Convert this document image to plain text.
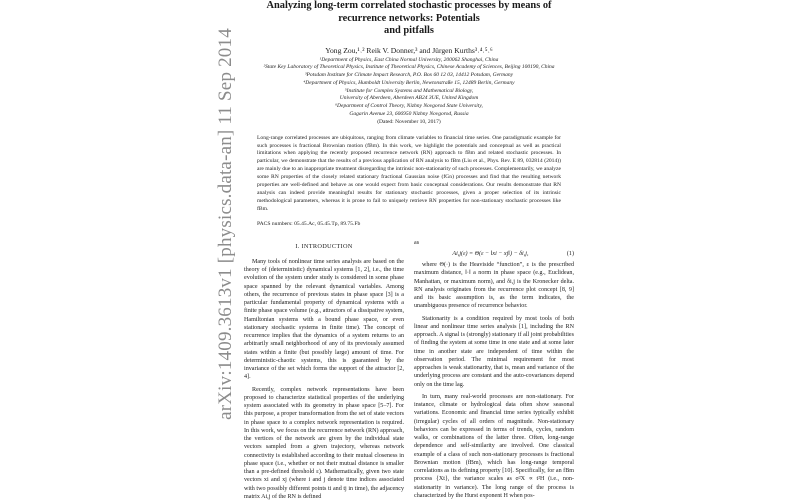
arXiv:1409.3613v1 [physics.data-an] 11 Sep 2014
Analyzing long-term correlated stochastic processes by means of recurrence networks: Potentials
and pitfalls
Yong Zou,¹˒² Reik V. Donner,³ and Jürgen Kurths³˒⁴˒⁵˒⁶
¹Department of Physics, East China Normal University, 200062 Shanghai, China
²State Key Laboratory of Theoretical Physics, Institute of Theoretical Physics, Chinese Academy of Sciences, Beijing 100190, China
³Potsdam Institute for Climate Impact Research, P.O. Box 60 12 03, 14412 Potsdam, Germany
⁴Department of Physics, Humboldt University Berlin, Newtonstraße 15, 12489 Berlin, Germany
⁵Institute for Complex Systems and Mathematical Biology,
University of Aberdeen, Aberdeen AB24 3UE, United Kingdom
⁶Department of Control Theory, Nizhny Novgorod State University,
Gagarin Avenue 23, 606950 Nizhny Novgorod, Russia
(Dated: November 10, 2017)
Long-range correlated processes are ubiquitous, ranging from climate variables to financial time series. One paradigmatic example for such processes is fractional Brownian motion (fBm). In this work, we highlight the potentials and conceptual as well as practical limitations when applying the recently proposed recurrence network (RN) approach to fBm and related stochastic processes. In particular, we demonstrate that the results of a previous application of RN analysis to fBm (Liu et al., Phys. Rev. E 89, 032814 (2014)) are mainly due to an inappropriate treatment disregarding the intrinsic non-stationarity of such processes. Complementarily, we analyze some RN properties of the closely related stationary fractional Gaussian noise (fGn) processes and find that the resulting network properties are well-defined and behave as one would expect from basic conceptual considerations. Our results demonstrate that RN analysis can indeed provide meaningful results for stationary stochastic processes, given a proper selection of its intrinsic methodological parameters, whereas it is prone to fail to uniquely retrieve RN properties for non-stationary stochastic processes like fBm.
PACS numbers: 05.45.Ac, 05.45.Tp, 89.75.Fb
I. INTRODUCTION

Many tools of nonlinear time series analysis are based on the theory of (deterministic) dynamical systems [1, 2], i.e., the time evolution of the system under study is considered in some phase space spanned by the relevant dynamical variables. Among others, the recurrence of previous states in phase space [3] is a particular fundamental property of dynamical systems with a finite phase space volume (e.g., attractors of a dissipative system, Hamiltonian systems with a bound phase space, or even stationary stochastic systems in finite time). The concept of recurrence implies that the dynamics of a system returns to an arbitrarily small neighborhood of any of its previously assumed states within a finite (but possibly large) amount of time. For deterministic-chaotic systems, this is guaranteed by the invariance of the set which forms the support of the attractor [2, 4].

Recently, complex network representations have been proposed to characterize statistical properties of the underlying system associated with its geometry in phase space [5–7]. For this purpose, a proper transformation from the set of state vectors in phase space to a complex network representation is required. In this work, we focus on the recurrence network (RN) approach, the vertices of the network are given by the individual state vectors sampled from a given trajectory, whereas network connectivity is established according to their mutual closeness in phase space (i.e., whether or not their mutual distance is smaller than a pre-defined threshold ε). Mathematically, given two state vectors xi and xj (where i and j denote time indices associated with two possibly different points ti and tj in time), the adjacency matrix Ai,j of the RN is defined

as
Ai,j(ε) = Θ(ε − ‖xi − xj‖) − δi,j,	(1)

where Θ(·) is the Heaviside “function”, ε is the prescribed maximum distance, ‖·‖ a norm in phase space (e.g., Euclidean, Manhattan, or maximum norm), and δi,j is the Kronecker delta. RN analysis originates from the recurrence plot concept [8, 9] and its basic assumption is, as the term indicates, the unambiguous presence of recurrence behavior.

Stationarity is a condition required by most tools of both linear and nonlinear time series analysis [1], including the RN approach. A signal is (strongly) stationary if all joint probabilities of finding the system at some time in one state and at some later time in another state are independent of time within the observation period. The minimal requirement for most approaches is weak stationarity, that is, mean and variance of the underlying process are constant and the auto-covariances depend only on the time lag.

In turn, many real-world processes are non-stationary. For instance, climate or hydrological data often show seasonal variations. Economic and financial time series typically exhibit (irregular) cycles of all orders of magnitude. Non-stationary behaviors can be expressed in terms of trends, cycles, random walks, or combinations of the latter three. Often, long-range dependence and self-similarity are involved. One classical example of a class of such non-stationary processes is fractional Brownian motion (fBm), which has long-range temporal correlations as its defining property [10]. Specifically, for an fBm process {Xt}, the variance scales as σ²X ∝ t²H (i.e., non-stationarity in variance). The long range of the process is characterized by the Hurst exponent H when pos-
